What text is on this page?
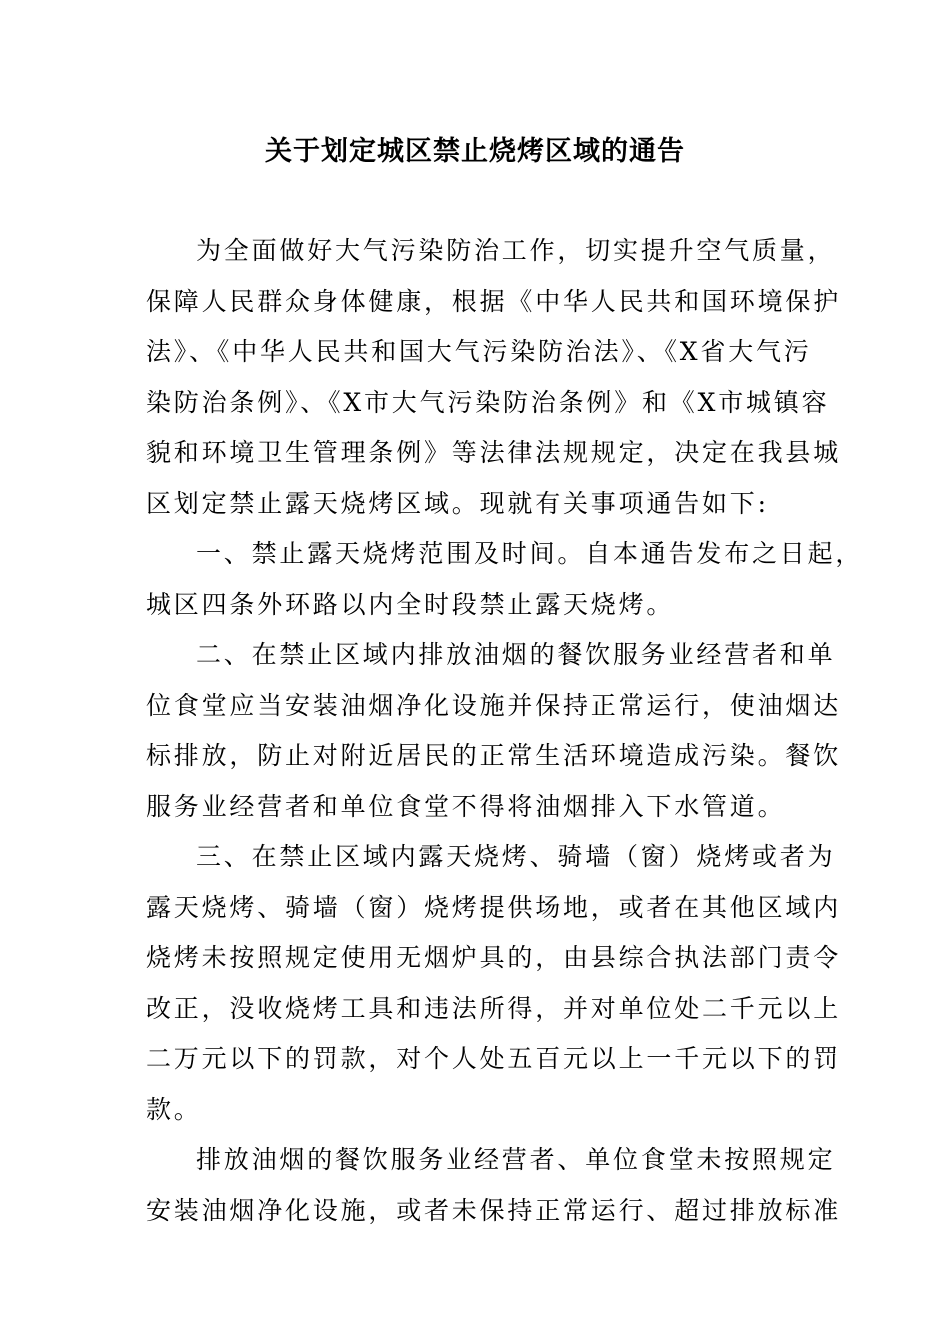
关于划定城区禁止烧烤区域的通告
为全面做好大气污染防治工作，切实提升空气质量，
保障人民群众身体健康，根据《中华人民共和国环境保护
法》、《中华人民共和国大气污染防治法》、《X省大气污
染防治条例》、《X市大气污染防治条例》和《X市城镇容
貌和环境卫生管理条例》等法律法规规定，决定在我县城
区划定禁止露天烧烤区域。现就有关事项通告如下:
一、禁止露天烧烤范围及时间。自本通告发布之日起，
城区四条外环路以内全时段禁止露天烧烤。
二、在禁止区域内排放油烟的餐饮服务业经营者和单
位食堂应当安装油烟净化设施并保持正常运行，使油烟达
标排放，防止对附近居民的正常生活环境造成污染。餐饮
服务业经营者和单位食堂不得将油烟排入下水管道。
三、在禁止区域内露天烧烤、骑墙（窗）烧烤或者为
露天烧烤、骑墙（窗）烧烤提供场地，或者在其他区域内
烧烤未按照规定使用无烟炉具的，由县综合执法部门责令
改正，没收烧烤工具和违法所得，并对单位处二千元以上
二万元以下的罚款，对个人处五百元以上一千元以下的罚
款。
排放油烟的餐饮服务业经营者、单位食堂未按照规定
安装油烟净化设施，或者未保持正常运行、超过排放标准
